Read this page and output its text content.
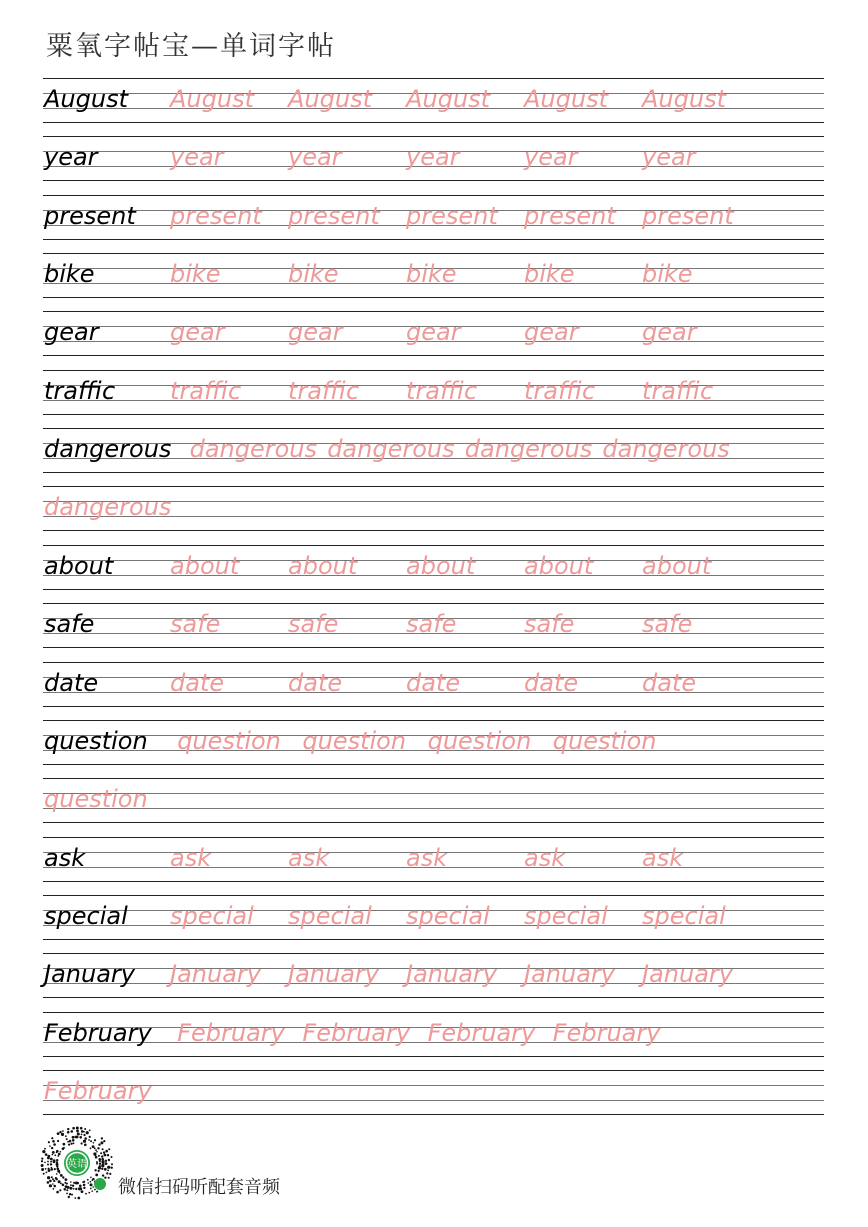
粟氧字帖宝—单词字帖
August August August August August August
year	year	year	year	year	year
present present present present present present
bike	bike	bike	bike	bike	bike
gear	gear	gear	gear	gear	gear
traffic traffic traffic traffic traffic traffic
dangerous dangerous dangerous dangerous dangerous
dangerous
about about about about about about
safe	safe	safe	safe	safe	safe
date	date	date	date	date	date
question question question question question
question
ask	ask	ask	ask	ask	ask
special special special special special special
January January January January January January
February February February February February
February
英语
微信扫码听配套音频
